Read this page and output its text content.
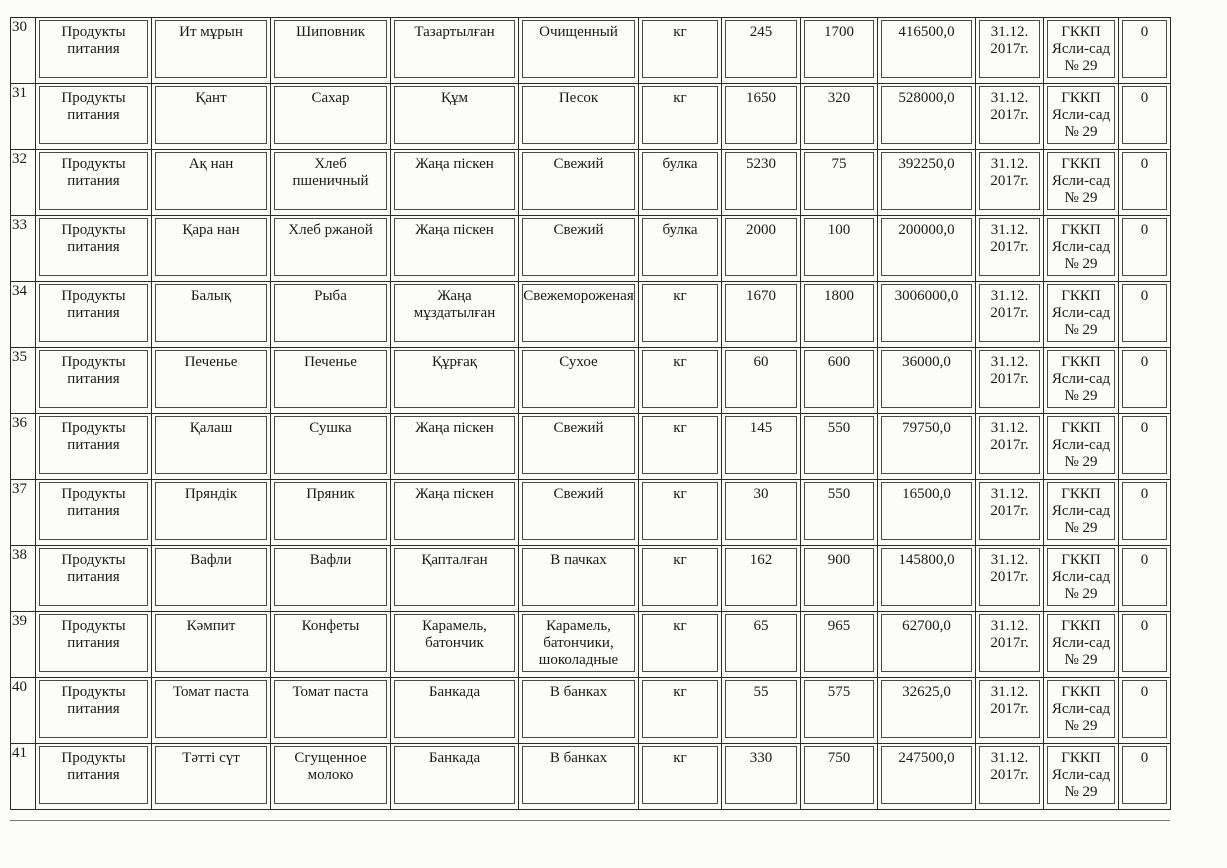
30	Продукты питания	Ит мұрын	Шиповник	Тазартылған	Очищенный	кг	245	1700	416500,0	31.12. 2017г.	ГККП Ясли-сад № 29	0

31	Продукты питания	Қант	Сахар	Құм	Песок	кг	1650	320	528000,0	31.12. 2017г.	ГККП Ясли-сад № 29	0

32	Продукты питания	Ақ нан	Хлеб пшеничный	Жаңа піскен	Свежий	булка	5230	75	392250,0	31.12. 2017г.	ГККП Ясли-сад № 29	0

33	Продукты питания	Қара нан	Хлеб ржаной	Жаңа піскен	Свежий	булка	2000	100	200000,0	31.12. 2017г.	ГККП Ясли-сад № 29	0

34	Продукты питания	Балық	Рыба	Жаңа мұздатылған	Свежемороженая	кг	1670	1800	3006000,0	31.12. 2017г.	ГККП Ясли-сад № 29	0

35	Продукты питания	Печенье	Печенье	Құрғақ	Сухое	кг	60	600	36000,0	31.12. 2017г.	ГККП Ясли-сад № 29	0

36	Продукты питания	Қалаш	Сушка	Жаңа піскен	Свежий	кг	145	550	79750,0	31.12. 2017г.	ГККП Ясли-сад № 29	0

37	Продукты питания	Пряндік	Пряник	Жаңа піскен	Свежий	кг	30	550	16500,0	31.12. 2017г.	ГККП Ясли-сад № 29	0

38	Продукты питания	Вафли	Вафли	Қапталған	В пачках	кг	162	900	145800,0	31.12. 2017г.	ГККП Ясли-сад № 29	0

39	Продукты питания	Кәмпит	Конфеты	Карамель, батончик	Карамель, батончики, шоколадные	кг	65	965	62700,0	31.12. 2017г.	ГККП Ясли-сад № 29	0

40	Продукты питания	Томат паста	Томат паста	Банкада	В банках	кг	55	575	32625,0	31.12. 2017г.	ГККП Ясли-сад № 29	0

41	Продукты питания	Тәтті сүт	Сгущенное молоко	Банкада	В банках	кг	330	750	247500,0	31.12. 2017г.	ГККП Ясли-сад № 29	0
